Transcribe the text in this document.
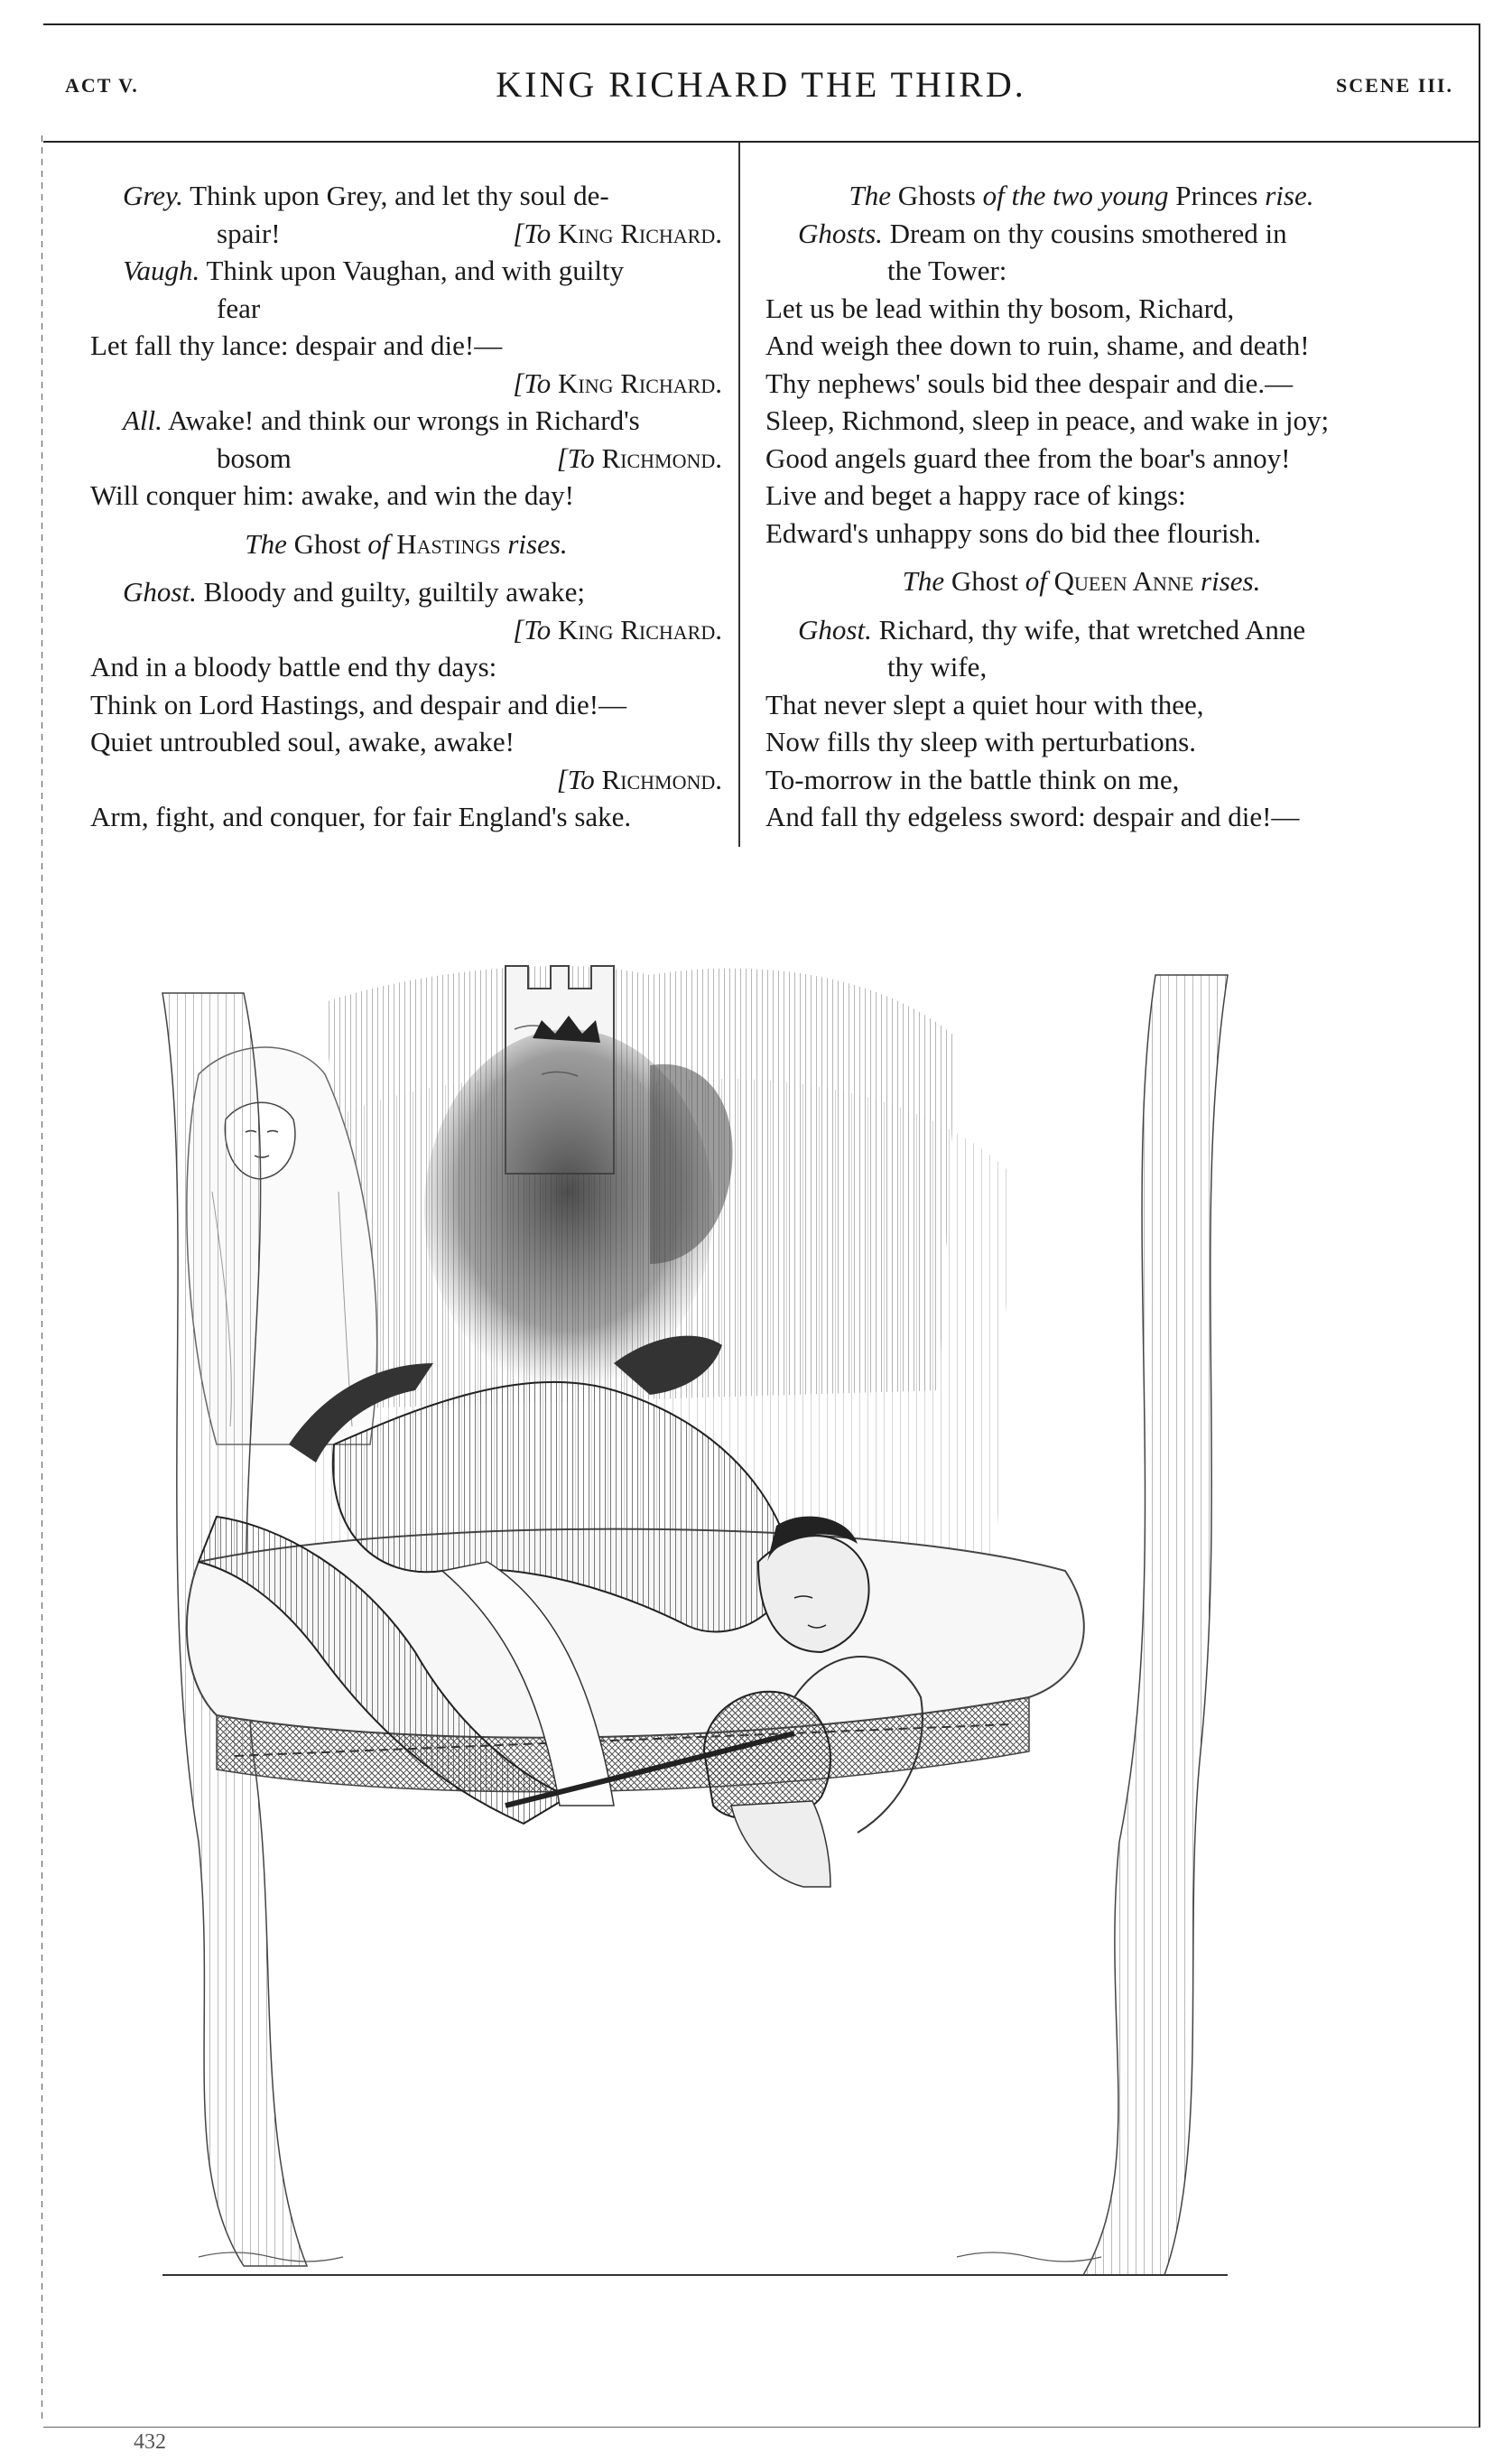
ACT V.	KING RICHARD THE THIRD.	SCENE III.
Grey. Think upon Grey, and let thy soul de-
spair!	[To King Richard.
Vaugh. Think upon Vaughan, and with guilty
fear
Let fall thy lance: despair and die!—
[To King Richard.
All. Awake! and think our wrongs in Richard's
bosom	[To Richmond.
Will conquer him: awake, and win the day!
The Ghost of Hastings rises.
Ghost. Bloody and guilty, guiltily awake;
[To King Richard.
And in a bloody battle end thy days:
Think on Lord Hastings, and despair and die!—
Quiet untroubled soul, awake, awake!
[To Richmond.
Arm, fight, and conquer, for fair England's sake.
The Ghosts of the two young Princes rise.
Ghosts. Dream on thy cousins smothered in
the Tower:
Let us be lead within thy bosom, Richard,
And weigh thee down to ruin, shame, and death!
Thy nephews' souls bid thee despair and die.—
Sleep, Richmond, sleep in peace, and wake in joy;
Good angels guard thee from the boar's annoy!
Live and beget a happy race of kings:
Edward's unhappy sons do bid thee flourish.
The Ghost of Queen Anne rises.
Ghost. Richard, thy wife, that wretched Anne
thy wife,
That never slept a quiet hour with thee,
Now fills thy sleep with perturbations.
To-morrow in the battle think on me,
And fall thy edgeless sword: despair and die!—
432
